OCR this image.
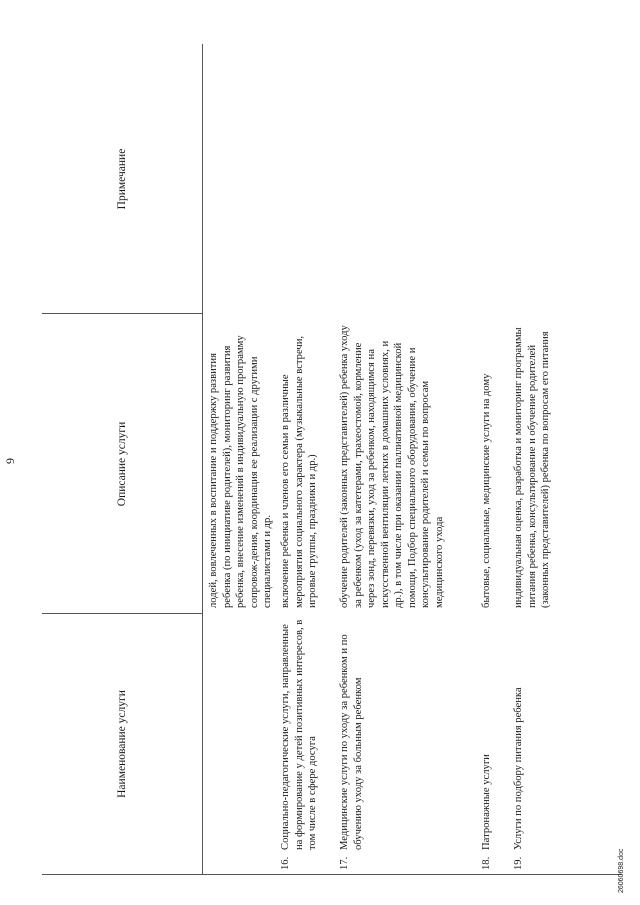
9
Наименование услуги
Описание услуги
Примечание
лодей, вовлеченных в воспитание и поддержку развития ребенка (по инициативе родителей), мониторинг развития ребенка, внесение изменений в индивидуальную программу сопровож-дения, координация ее реализации с другими специалистами и др.
16.
Социально-педагогические услуги, направленные на формирование у детей позитивных интересов, в том числе в сфере досуга
включение ребенка и членов его семьи в различные мероприятия социального характера (музыкальные встречи, игровые группы, праздники и др.)
17.
Медицинские услуги по уходу за ребенком и по обучению уходу за больным ребенком
обучение родителей (законных представителей) ребенка уходу за ребенком (уход за катетерами, трахеостомой, кормление через зонд, перевязки, уход за ребенком, находящимся на искусственной вентиляции легких в домашних условиях, и др.), в том числе при оказании паллиативной медицинской помощи, Подбор специального оборудования, обучение и консультирование родителей и семьи по вопросам медицинского ухода
18.
Патронажные услуги
бытовые, социальные, медицинские услуги на дому
19.
Услуги по подбору питания ребенка
индивидуальная оценка, разработка и мониторинг программы питания ребенка, консультирование и обучение родителей (законных представителей) ребенка по вопросам его питания
26060698.doc
